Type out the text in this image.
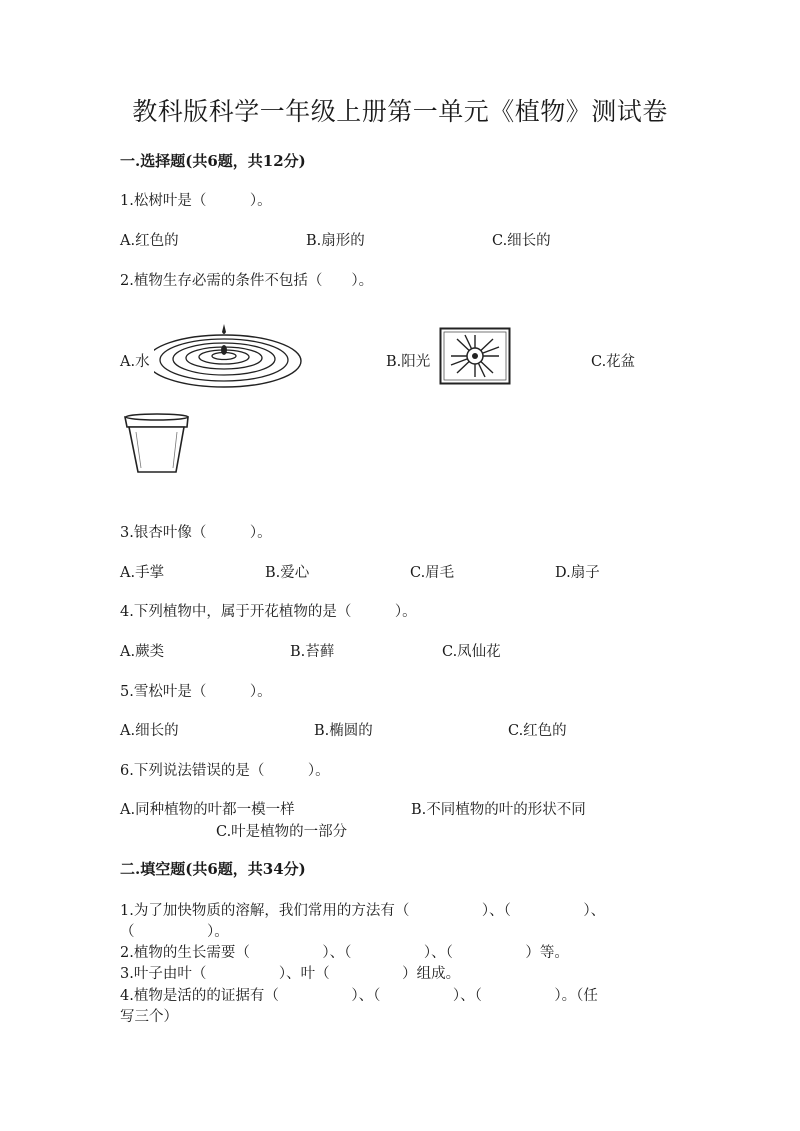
教科版科学一年级上册第一单元《植物》测试卷
一.选择题(共6题，共12分)
1.松树叶是（　　　）。
A.红色的	B.扇形的	C.细长的
2.植物生存必需的条件不包括（　　）。
A.水	B.阳光	C.花盆
3.银杏叶像（　　　）。
A.手掌	B.爱心	C.眉毛	D.扇子
4.下列植物中，属于开花植物的是（　　　）。
A.蕨类	B.苔藓	C.凤仙花
5.雪松叶是（　　　）。
A.细长的	B.椭圆的	C.红色的
6.下列说法错误的是（　　　）。
A.同种植物的叶都一模一样	B.不同植物的叶的形状不同
C.叶是植物的一部分
二.填空题(共6题，共34分)
1.为了加快物质的溶解，我们常用的方法有（　　　　　）、（　　　　　）、
（　　　　　）。
2.植物的生长需要（　　　　　）、（　　　　　）、（　　　　　）等。
3.叶子由叶（　　　　　）、叶（　　　　　）组成。
4.植物是活的的证据有（　　　　　）、（　　　　　）、（　　　　　）。（任
写三个）
